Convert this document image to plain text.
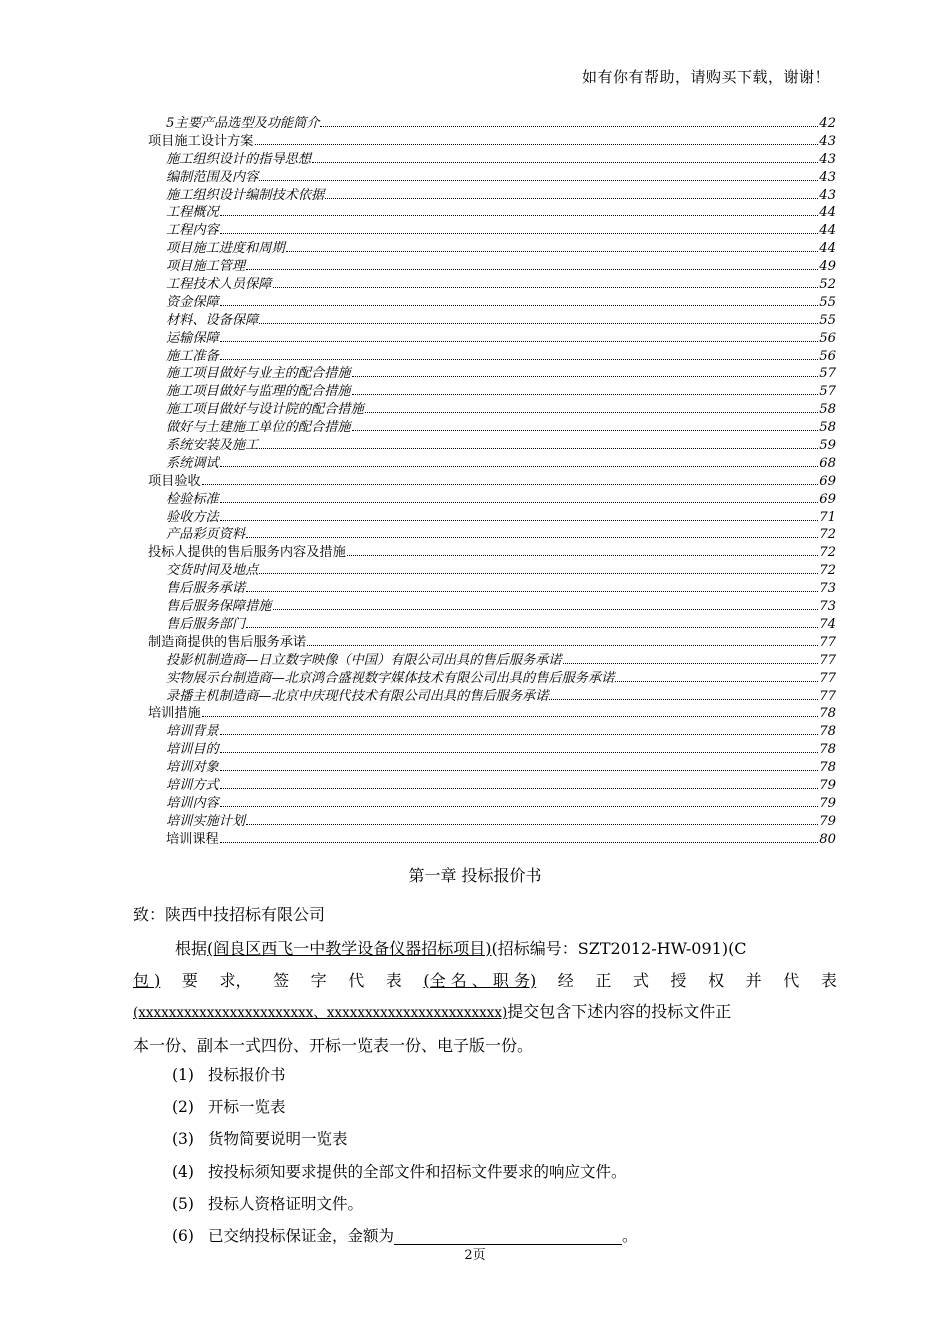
如有你有帮助，请购买下载，谢谢！
5主要产品选型及功能简介	42
项目施工设计方案	43
施工组织设计的指导思想	43
编制范围及内容	43
施工组织设计编制技术依据	43
工程概况	44
工程内容	44
项目施工进度和周期	44
项目施工管理	49
工程技术人员保障	52
资金保障	55
材料、设备保障	55
运输保障	56
施工准备	56
施工项目做好与业主的配合措施	57
施工项目做好与监理的配合措施	57
施工项目做好与设计院的配合措施	58
做好与土建施工单位的配合措施	58
系统安装及施工	59
系统调试	68
项目验收	69
检验标准	69
验收方法	71
产品彩页资料	72
投标人提供的售后服务内容及措施	72
交货时间及地点	72
售后服务承诺	73
售后服务保障措施	73
售后服务部门	74
制造商提供的售后服务承诺	77
投影机制造商—日立数字映像（中国）有限公司出具的售后服务承诺	77
实物展示台制造商—北京鸿合盛视数字媒体技术有限公司出具的售后服务承诺	77
录播主机制造商—北京中庆现代技术有限公司出具的售后服务承诺	77
培训措施	78
培训背景	78
培训目的	78
培训对象	78
培训方式	79
培训内容	79
培训实施计划	79
培训课程	80
第一章 投标报价书
致：陕西中技招标有限公司
根据(阎良区西飞一中教学设备仪器招标项目)(招标编号：SZT2012-HW-091)(C
包 ) 要 求， 签 字 代 表 (全 名 、 职 务) 经 正 式 授 权 并 代 表
(xxxxxxxxxxxxxxxxxxxxxxx、xxxxxxxxxxxxxxxxxxxxxxx)提交包含下述内容的投标文件正
本一份、副本一式四份、开标一览表一份、电子版一份。
(1) 投标报价书
(2) 开标一览表
(3) 货物简要说明一览表
(4) 按投标须知要求提供的全部文件和招标文件要求的响应文件。
(5) 投标人资格证明文件。
(6) 已交纳投标保证金，金额为	。
2页
